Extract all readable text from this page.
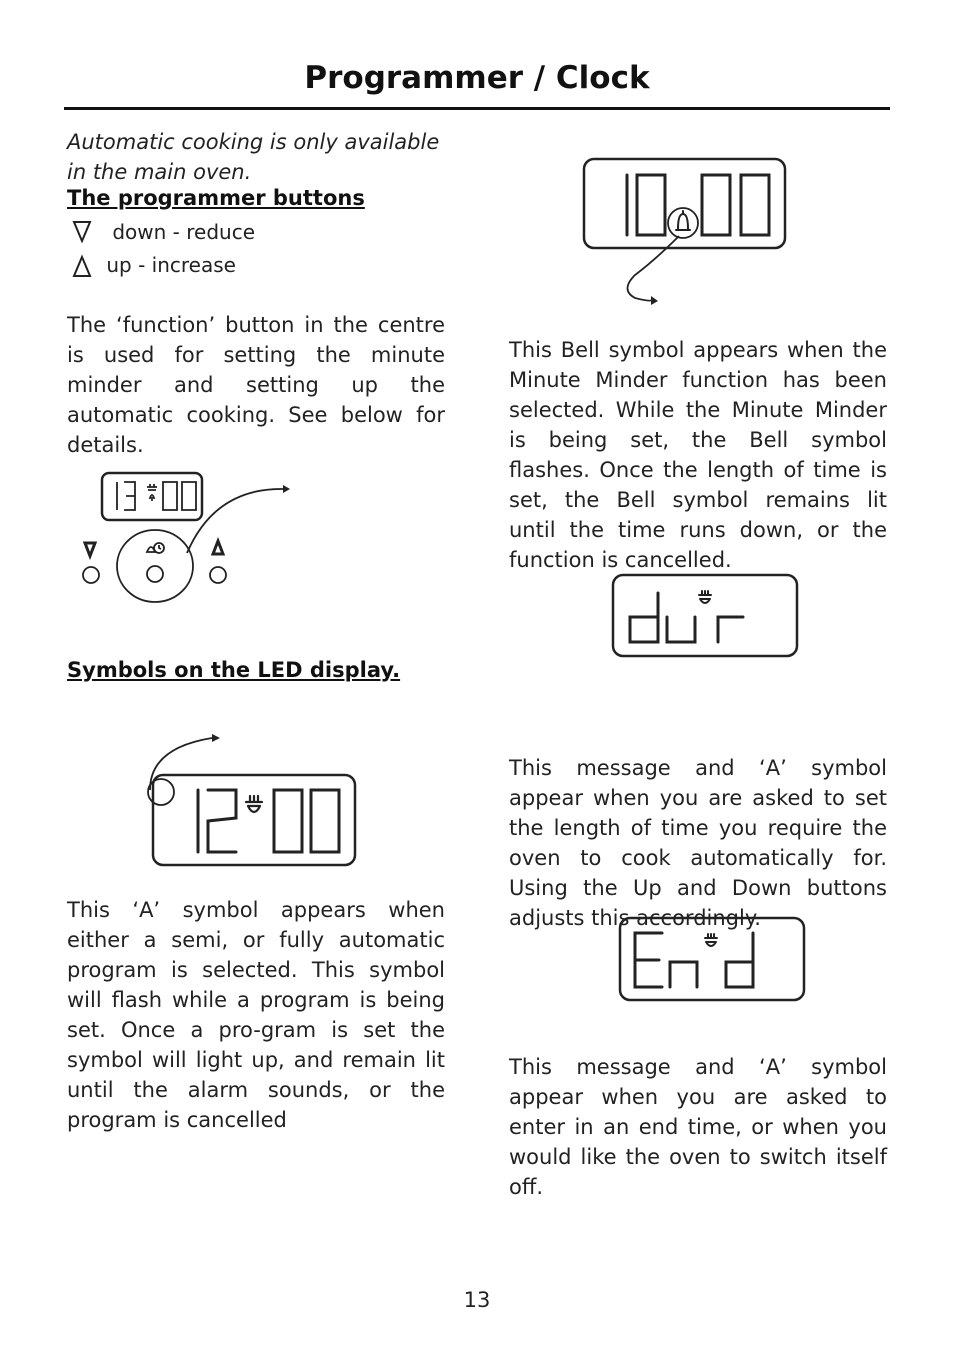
Programmer / Clock

Automatic cooking is only available in the main oven.

The programmer buttons
down - reduce
up - increase

The ‘function’ button in the centre is used for setting the minute minder and setting up the automatic cooking. See below for details.

Symbols on the LED display.

This ‘A’ symbol appears when either a semi, or fully automatic program is selected. This symbol will flash while a program is being set. Once a pro-gram is set the symbol will light up, and remain lit until the alarm sounds, or the program is cancelled

This Bell symbol appears when the Minute Minder function has been selected. While the Minute Minder is being set, the Bell symbol flashes. Once the length of time is set, the Bell symbol remains lit until the time runs down, or the function is cancelled.

This message and ‘A’ symbol appear when you are asked to set the length of time you require the oven to cook automatically for. Using the Up and Down buttons adjusts this accordingly.

This message and ‘A’ symbol appear when you are asked to enter in an end time, or when you would like the oven to switch itself off.

13
